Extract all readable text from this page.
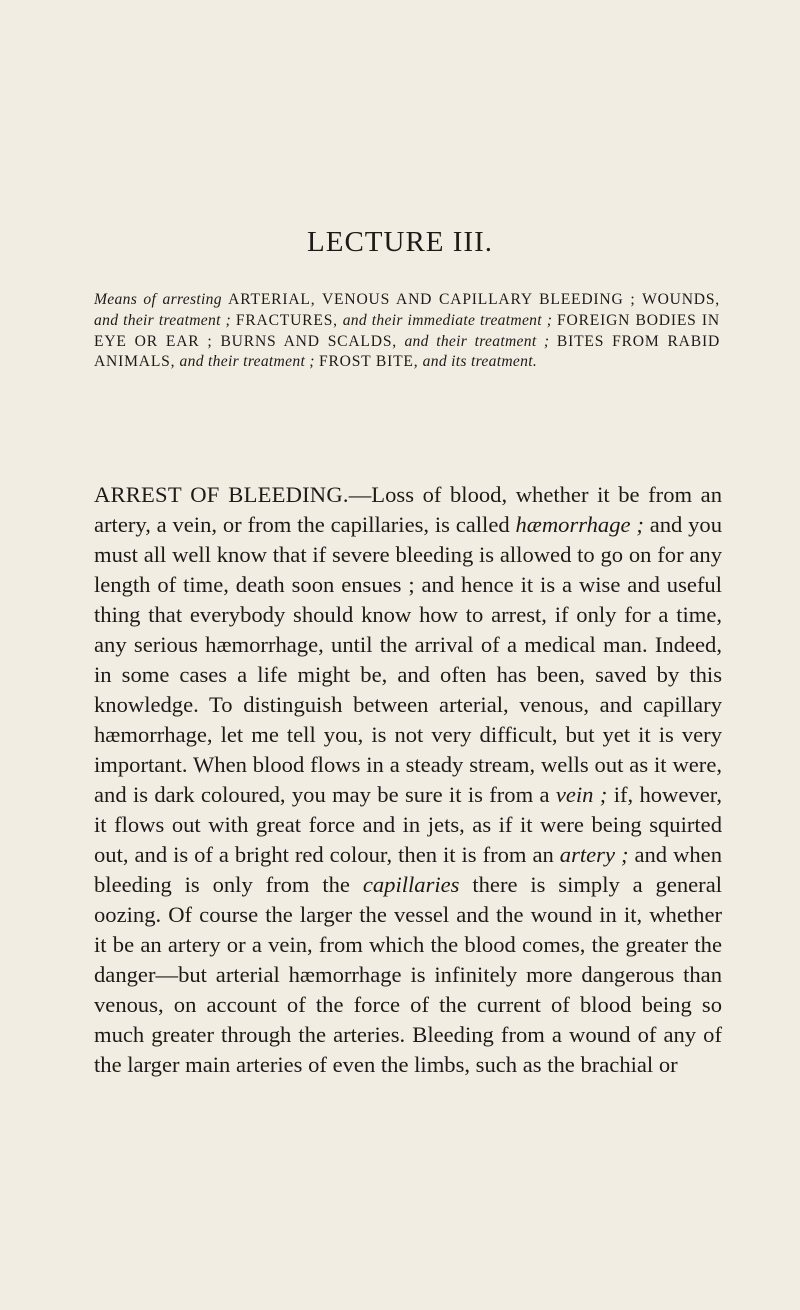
LECTURE III.
Means of arresting ARTERIAL, VENOUS AND CAPILLARY BLEEDING ; WOUNDS, and their treatment ; FRACTURES, and their immediate treatment ; FOREIGN BODIES IN EYE OR EAR ; BURNS AND SCALDS, and their treatment ; BITES FROM RABID ANIMALS, and their treatment ; FROST BITE, and its treatment.
ARREST OF BLEEDING.—Loss of blood, whether it be from an artery, a vein, or from the capillaries, is called hæmorrhage ; and you must all well know that if severe bleeding is allowed to go on for any length of time, death soon ensues ; and hence it is a wise and useful thing that everybody should know how to arrest, if only for a time, any serious hæmorrhage, until the arrival of a medical man. Indeed, in some cases a life might be, and often has been, saved by this knowledge. To distinguish between arterial, venous, and capillary hæmorrhage, let me tell you, is not very difficult, but yet it is very important. When blood flows in a steady stream, wells out as it were, and is dark coloured, you may be sure it is from a vein ; if, however, it flows out with great force and in jets, as if it were being squirted out, and is of a bright red colour, then it is from an artery ; and when bleeding is only from the capillaries there is simply a general oozing. Of course the larger the vessel and the wound in it, whether it be an artery or a vein, from which the blood comes, the greater the danger—but arterial hæmorrhage is infinitely more dangerous than venous, on account of the force of the current of blood being so much greater through the arteries. Bleeding from a wound of any of the larger main arteries of even the limbs, such as the brachial or
